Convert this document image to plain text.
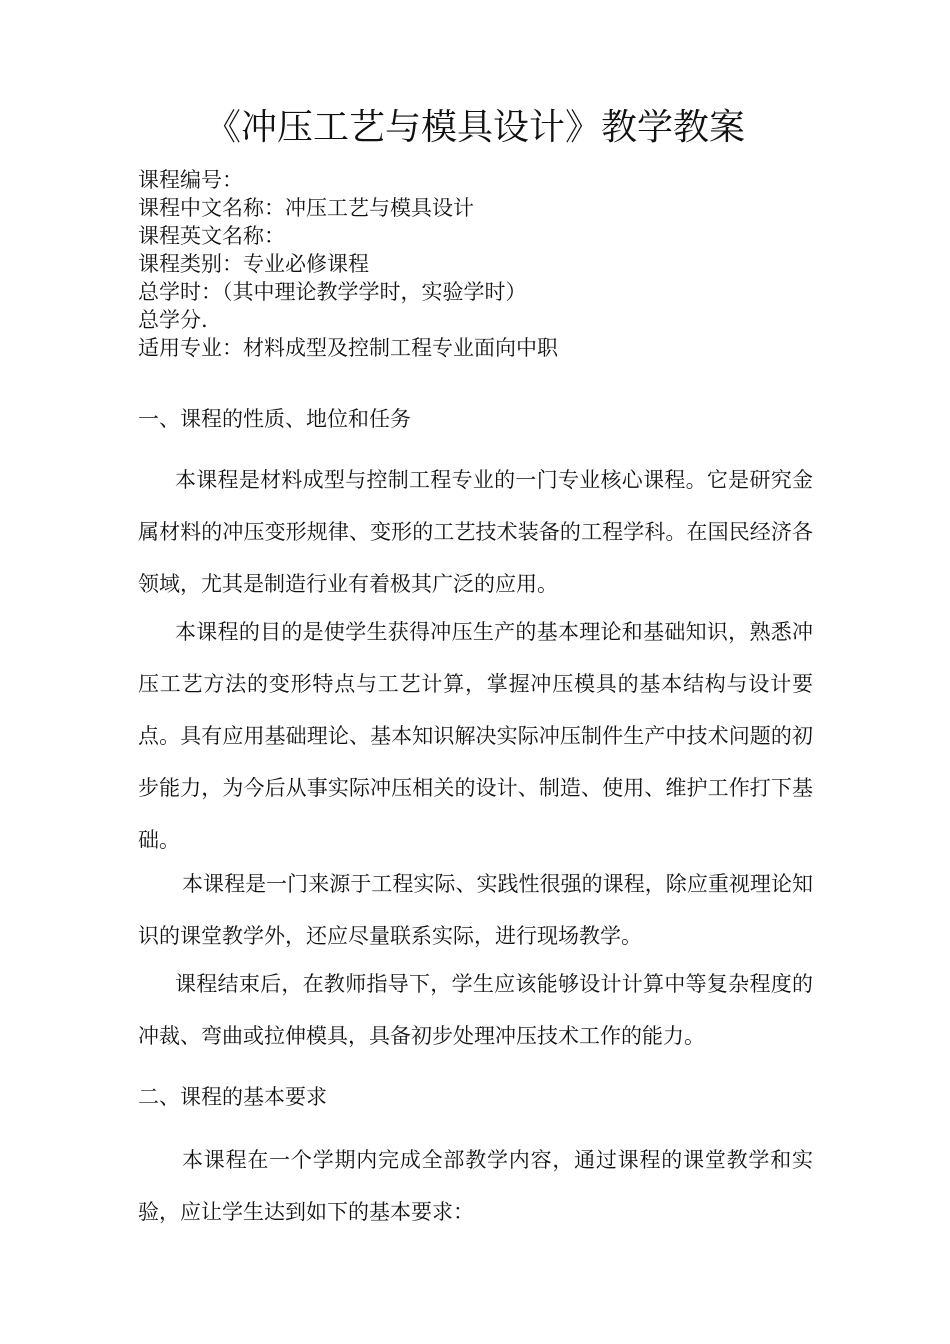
《冲压工艺与模具设计》教学教案
课程编号：
课程中文名称：冲压工艺与模具设计
课程英文名称：
课程类别：专业必修课程
总学时：（其中理论教学学时，实验学时）
总学分.
适用专业：材料成型及控制工程专业面向中职
一、课程的性质、地位和任务

本课程是材料成型与控制工程专业的一门专业核心课程。它是研究金属材料的冲压变形规律、变形的工艺技术装备的工程学科。在国民经济各领域，尤其是制造行业有着极其广泛的应用。

本课程的目的是使学生获得冲压生产的基本理论和基础知识，熟悉冲压工艺方法的变形特点与工艺计算，掌握冲压模具的基本结构与设计要点。具有应用基础理论、基本知识解决实际冲压制件生产中技术问题的初步能力，为今后从事实际冲压相关的设计、制造、使用、维护工作打下基础。

本课程是一门来源于工程实际、实践性很强的课程，除应重视理论知识的课堂教学外，还应尽量联系实际，进行现场教学。

课程结束后，在教师指导下，学生应该能够设计计算中等复杂程度的冲裁、弯曲或拉伸模具，具备初步处理冲压技术工作的能力。

二、课程的基本要求

本课程在一个学期内完成全部教学内容，通过课程的课堂教学和实验，应让学生达到如下的基本要求：
